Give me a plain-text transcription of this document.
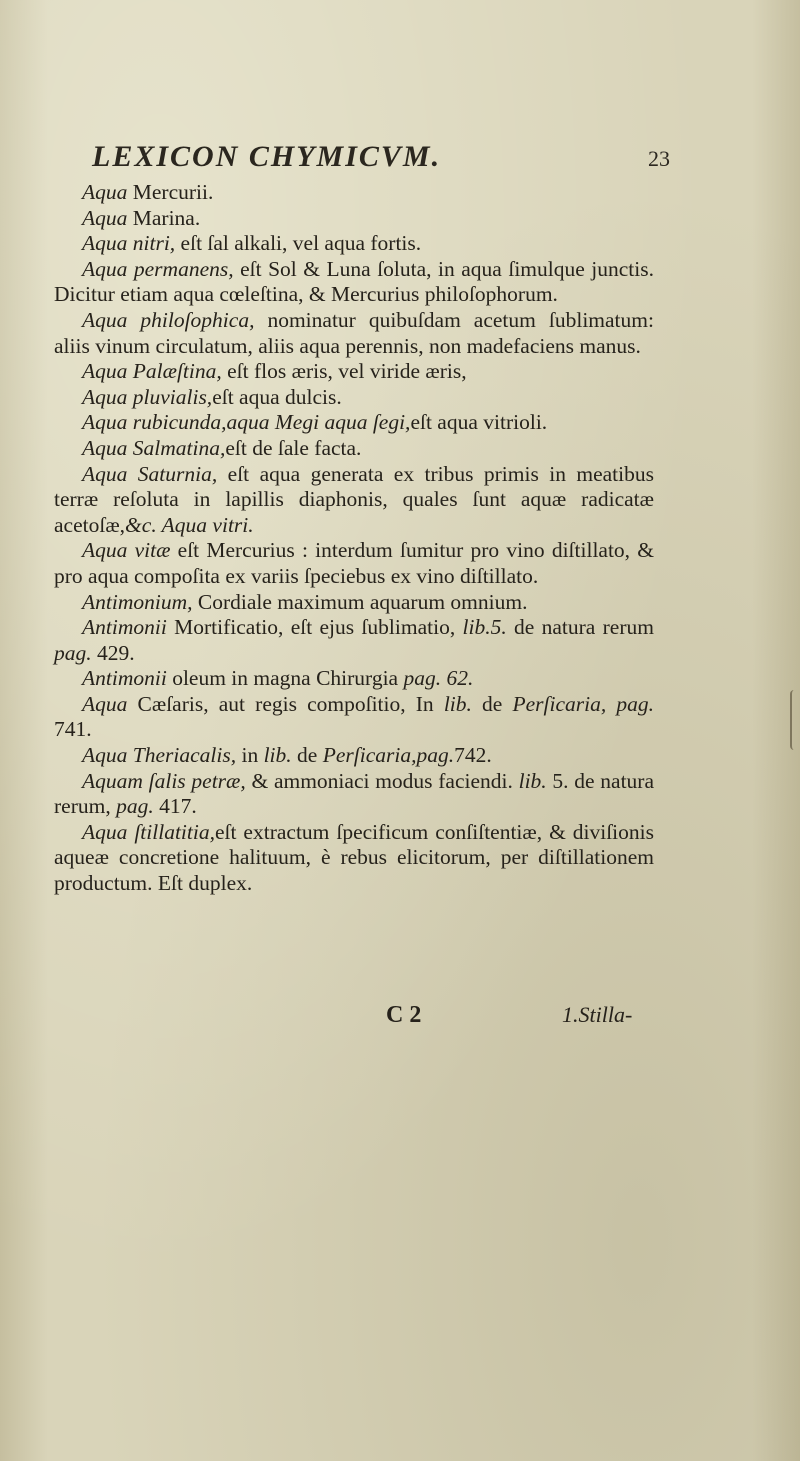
LEXICON CHYMICVM.	23

Aqua Mercurii.

Aqua Marina.

Aqua nitri, eſt ſal alkali, vel aqua fortis.

Aqua permanens, eſt Sol & Luna ſoluta, in aqua ſimulque junctis. Dicitur etiam aqua cœleſtina, & Mercurius philoſophorum.

Aqua philoſophica, nominatur quibuſdam acetum ſublimatum: aliis vinum circulatum, aliis aqua perennis, non madefaciens manus.

Aqua Palæſtina, eſt flos æris, vel viride æris,

Aqua pluvialis,eſt aqua dulcis.

Aqua rubicunda,aqua Megi aqua ſegi,eſt aqua vitrioli.

Aqua Salmatina,eſt de ſale facta.

Aqua Saturnia, eſt aqua generata ex tribus primis in meatibus terræ reſoluta in lapillis diaphonis, quales ſunt aquæ radicatæ acetoſæ,&c. Aqua vitri.

Aqua vitæ eſt Mercurius : interdum ſumitur pro vino diſtillato, & pro aqua compoſita ex variis ſpeciebus ex vino diſtillato.

Antimonium, Cordiale maximum aquarum omnium.

Antimonii Mortificatio, eſt ejus ſublimatio, lib.5. de natura rerum pag. 429.

Antimonii oleum in magna Chirurgia pag. 62.

Aqua Cæſaris, aut regis compoſitio, In lib. de Perſicaria, pag. 741.

Aqua Theriacalis, in lib. de Perſicaria,pag.742.

Aquam ſalis petræ, & ammoniaci modus faciendi. lib. 5. de natura rerum, pag. 417.

Aqua ſtillatitia,eſt extractum ſpecificum conſiſtentiæ, & diviſionis aqueæ concretione halituum, è rebus elicitorum, per diſtillationem productum. Eſt duplex.

C 2	1.Stilla-
